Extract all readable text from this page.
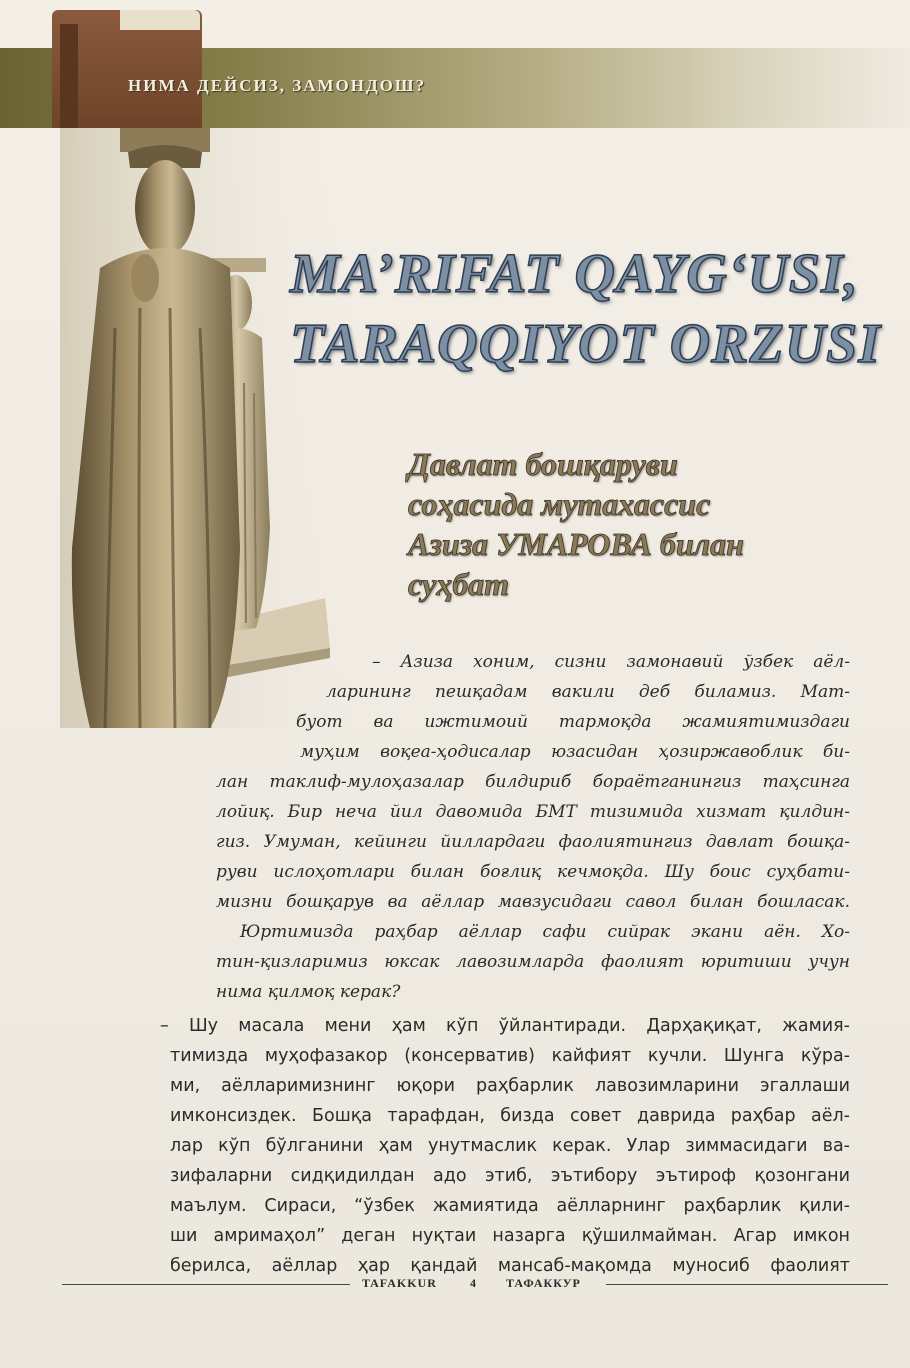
НИМА ДЕЙСИЗ, ЗАМОНДОШ?
MA’RIFAT QAYG‘USI,
TARAQQIYOT ORZUSI
Давлат бошқаруви
соҳасида мутахассис
Азиза УМАРОВА билан
суҳбат
– Азиза хоним, сизни замонавий ўзбек аёл-
ларининг пешқадам вакили деб биламиз. Мат-
буот ва ижтимоий тармоқда жамиятимиздаги
муҳим воқеа-ҳодисалар юзасидан ҳозиржавоблик би-
лан таклиф-мулоҳазалар билдириб бораётганингиз таҳсинга
лойиқ. Бир неча йил давомида БМТ тизимида хизмат қилдин-
гиз. Умуман, кейинги йиллардаги фаолиятингиз давлат бошқа-
руви ислоҳотлари билан боғлиқ кечмоқда. Шу боис суҳбати-
мизни бошқарув ва аёллар мавзусидаги савол билан бошласак.
Юртимизда раҳбар аёллар сафи сийрак экани аён. Хо-
тин-қизларимиз юксак лавозимларда фаолият юритиши учун
нима қилмоқ керак?
– Шу масала мени ҳам кўп ўйлантиради. Дарҳақиқат, жамия-
тимизда муҳофазакор (консерватив) кайфият кучли. Шунга кўра-
ми, аёлларимизнинг юқори раҳбарлик лавозимларини эгаллаши
имконсиздек. Бошқа тарафдан, бизда совет даврида раҳбар аёл-
лар кўп бўлганини ҳам унутмаслик керак. Улар зиммасидаги ва-
зифаларни сидқидилдан адо этиб, эътибору эътироф қозонгани
маълум. Сираси, “ўзбек жамиятида аёлларнинг раҳбарлик қили-
ши амримаҳол” деган нуқтаи назарга қўшилмайман. Агар имкон
берилса, аёллар ҳар қандай мансаб-мақомда муносиб фаолият
TAFAKKUR	4 ТАФАККУР
